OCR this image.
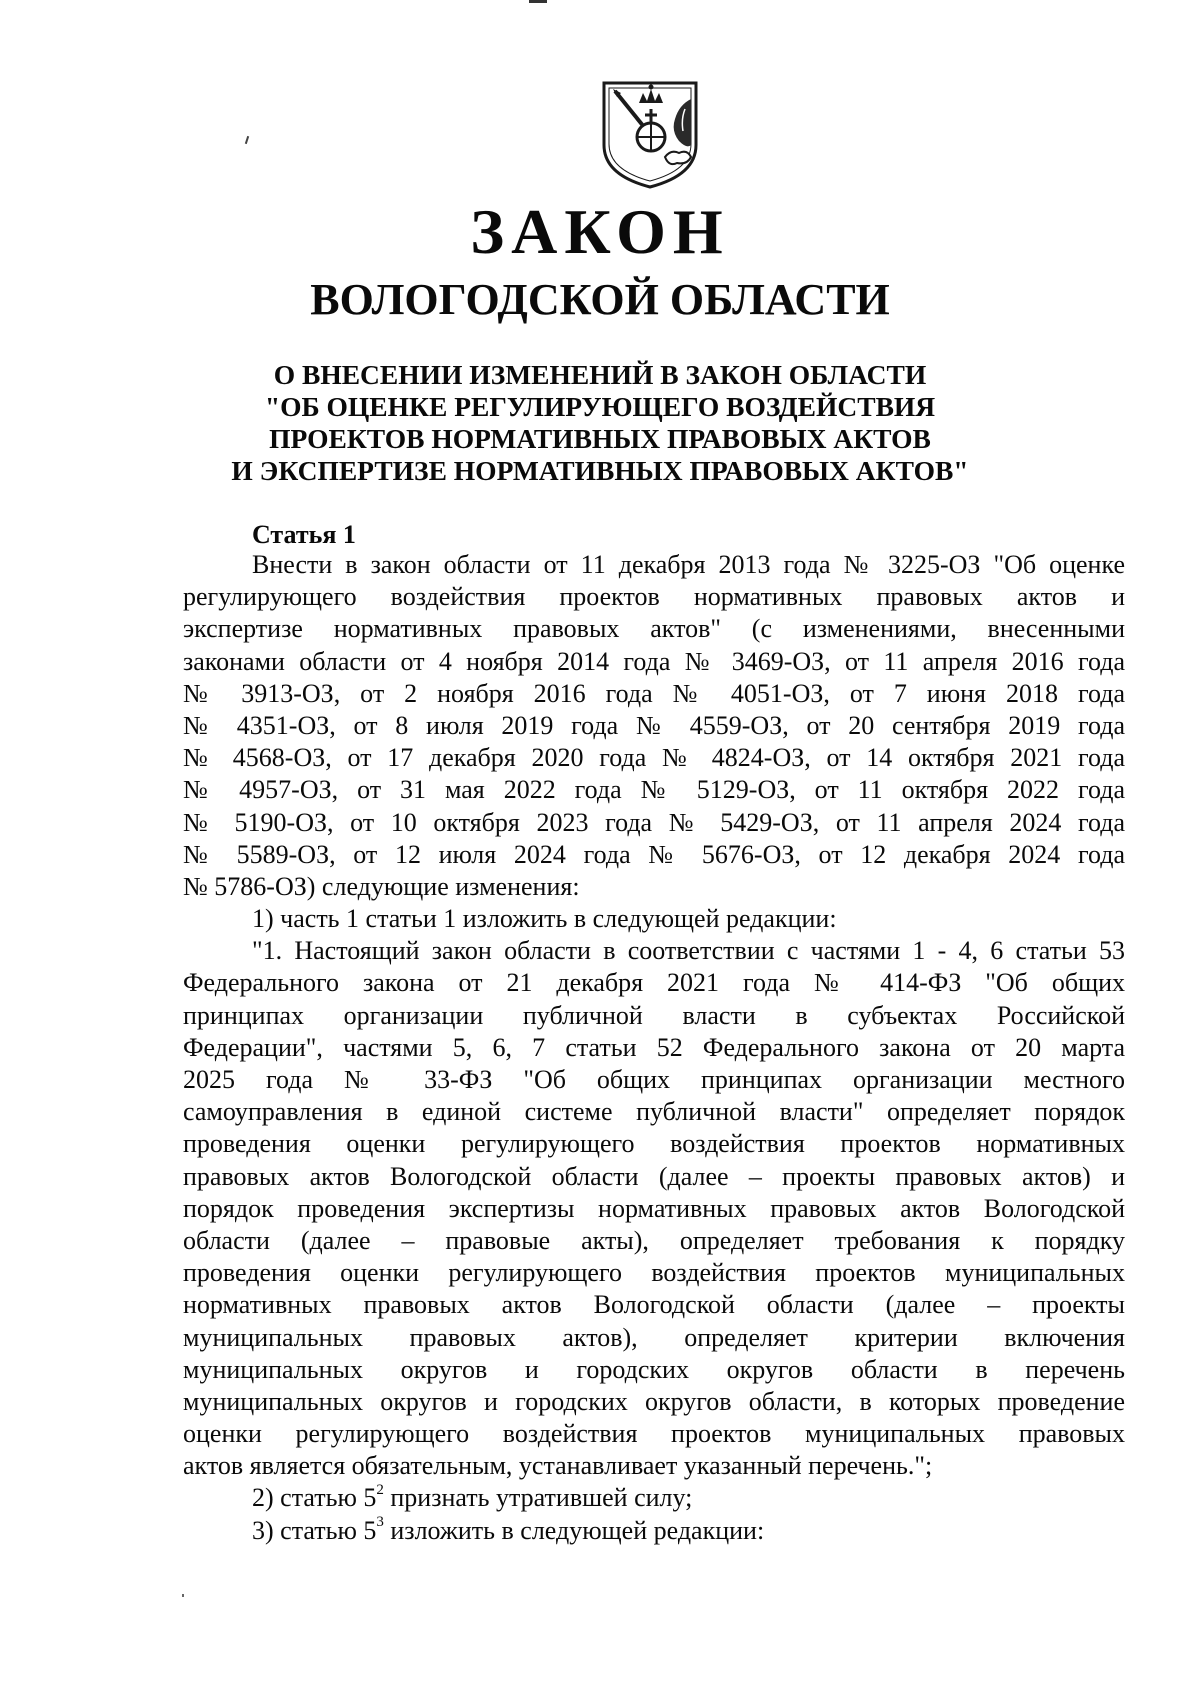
ЗАКОН
ВОЛОГОДСКОЙ ОБЛАСТИ
О ВНЕСЕНИИ ИЗМЕНЕНИЙ В ЗАКОН ОБЛАСТИ
"ОБ ОЦЕНКЕ РЕГУЛИРУЮЩЕГО ВОЗДЕЙСТВИЯ
ПРОЕКТОВ НОРМАТИВНЫХ ПРАВОВЫХ АКТОВ
И ЭКСПЕРТИЗЕ НОРМАТИВНЫХ ПРАВОВЫХ АКТОВ"
Статья 1
Внести в закон области от 11 декабря 2013 года № 3225-ОЗ "Об оценке
регулирующего воздействия проектов нормативных правовых актов и
экспертизе нормативных правовых актов" (с изменениями, внесенными
законами области от 4 ноября 2014 года № 3469-ОЗ, от 11 апреля 2016 года
№ 3913-ОЗ, от 2 ноября 2016 года № 4051-ОЗ, от 7 июня 2018 года
№ 4351-ОЗ, от 8 июля 2019 года № 4559-ОЗ, от 20 сентября 2019 года
№ 4568-ОЗ, от 17 декабря 2020 года № 4824-ОЗ, от 14 октября 2021 года
№ 4957-ОЗ, от 31 мая 2022 года № 5129-ОЗ, от 11 октября 2022 года
№ 5190-ОЗ, от 10 октября 2023 года № 5429-ОЗ, от 11 апреля 2024 года
№ 5589-ОЗ, от 12 июля 2024 года № 5676-ОЗ, от 12 декабря 2024 года
№ 5786-ОЗ) следующие изменения:
1) часть 1 статьи 1 изложить в следующей редакции:
"1. Настоящий закон области в соответствии с частями 1 - 4, 6 статьи 53
Федерального закона от 21 декабря 2021 года № 414-ФЗ "Об общих
принципах организации публичной власти в субъектах Российской
Федерации", частями 5, 6, 7 статьи 52 Федерального закона от 20 марта
2025 года № 33-ФЗ "Об общих принципах организации местного
самоуправления в единой системе публичной власти" определяет порядок
проведения оценки регулирующего воздействия проектов нормативных
правовых актов Вологодской области (далее – проекты правовых актов) и
порядок проведения экспертизы нормативных правовых актов Вологодской
области (далее – правовые акты), определяет требования к порядку
проведения оценки регулирующего воздействия проектов муниципальных
нормативных правовых актов Вологодской области (далее – проекты
муниципальных правовых актов), определяет критерии включения
муниципальных округов и городских округов области в перечень
муниципальных округов и городских округов области, в которых проведение
оценки регулирующего воздействия проектов муниципальных правовых
актов является обязательным, устанавливает указанный перечень.";
2) статью $5^2$ признать утратившей силу;
3) статью $5^3$ изложить в следующей редакции:
